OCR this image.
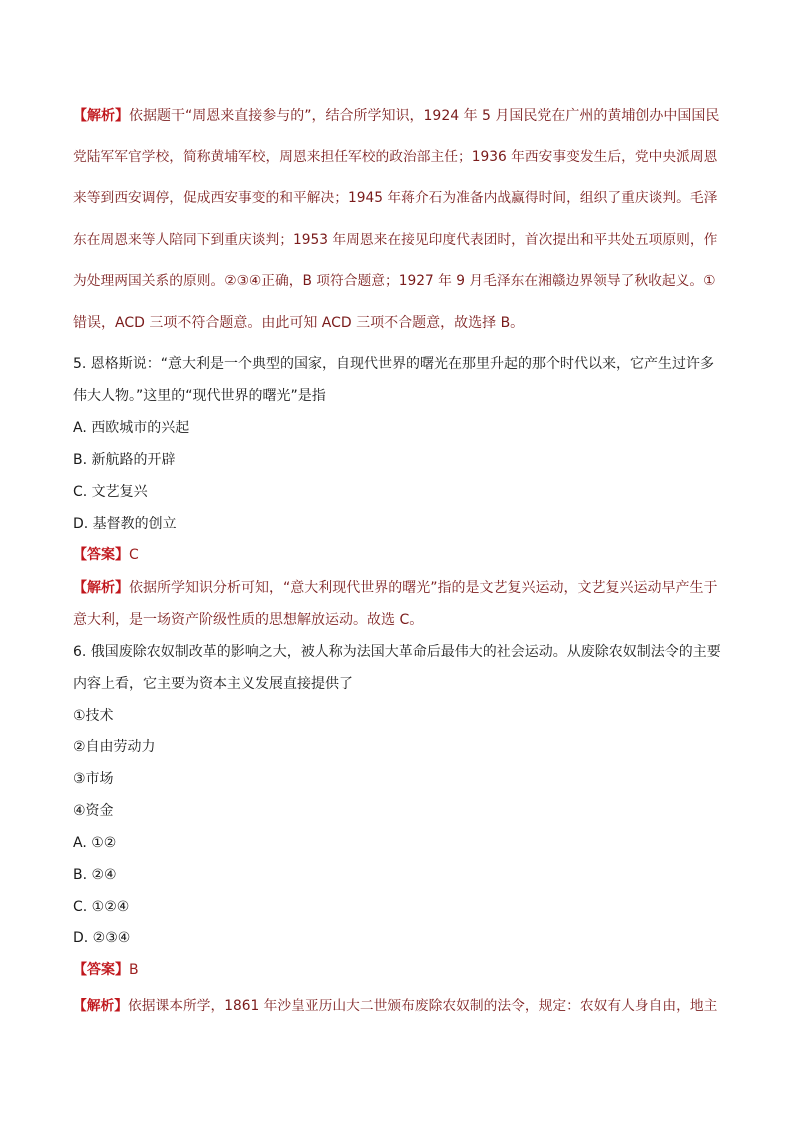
【解析】依据题干“周恩来直接参与的”，结合所学知识，1924 年 5 月国民党在广州的黄埔创办中国国民
党陆军军官学校，简称黄埔军校，周恩来担任军校的政治部主任；1936 年西安事变发生后，党中央派周恩
来等到西安调停，促成西安事变的和平解决；1945 年蒋介石为准备内战赢得时间，组织了重庆谈判。毛泽
东在周恩来等人陪同下到重庆谈判；1953 年周恩来在接见印度代表团时，首次提出和平共处五项原则，作
为处理两国关系的原则。②③④正确，B 项符合题意；1927 年 9 月毛泽东在湘赣边界领导了秋收起义。①
错误，ACD 三项不符合题意。由此可知 ACD 三项不合题意，故选择 B。
5. 恩格斯说：“意大利是一个典型的国家，自现代世界的曙光在那里升起的那个时代以来，它产生过许多
伟大人物。”这里的“现代世界的曙光”是指
A. 西欧城市的兴起
B. 新航路的开辟
C. 文艺复兴
D. 基督教的创立
【答案】C
【解析】依据所学知识分析可知，“意大利现代世界的曙光”指的是文艺复兴运动，文艺复兴运动早产生于
意大利，是一场资产阶级性质的思想解放运动。故选 C。
6. 俄国废除农奴制改革的影响之大，被人称为法国大革命后最伟大的社会运动。从废除农奴制法令的主要
内容上看，它主要为资本主义发展直接提供了
①技术
②自由劳动力
③市场
④资金
A. ①②
B. ②④
C. ①②④
D. ②③④
【答案】B
【解析】依据课本所学，1861 年沙皇亚历山大二世颁布废除农奴制的法令，规定：农奴有人身自由，地主
